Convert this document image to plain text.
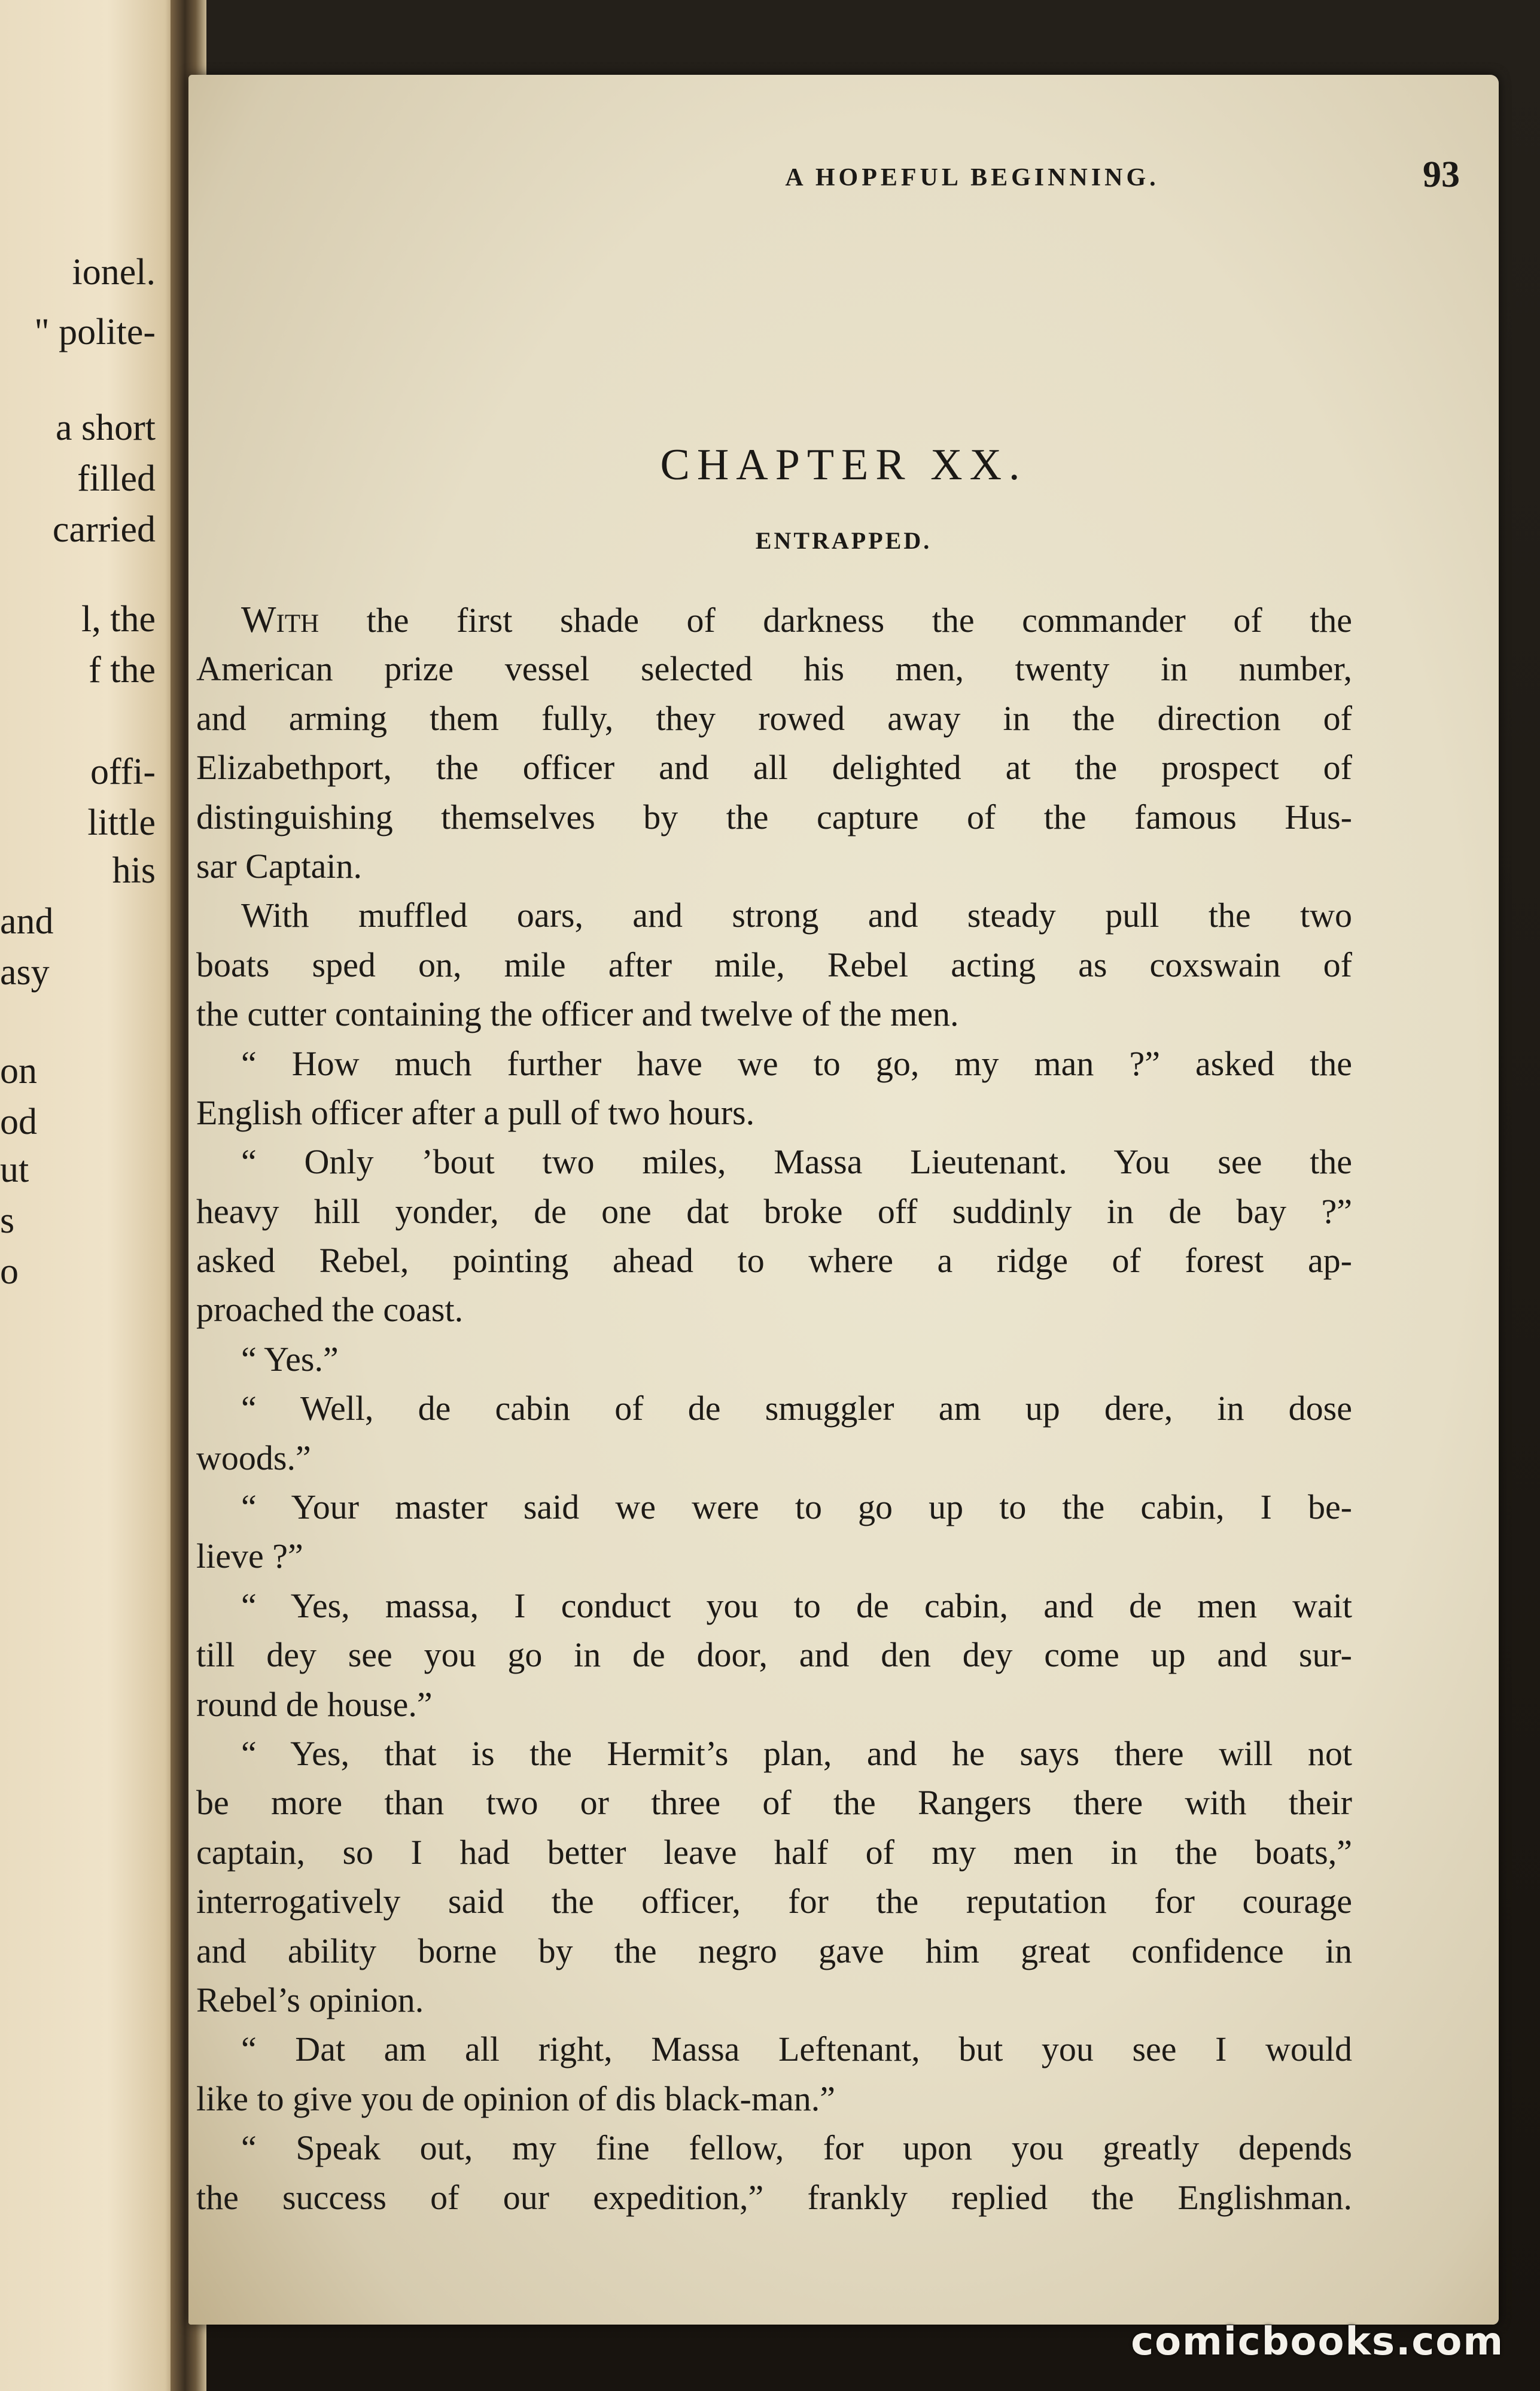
ionel.
" polite-
a short
filled
carried
l, the
f the
offi-
little
his
and
asy
on
od
ut
s
o
A HOPEFUL BEGINNING.	93
CHAPTER XX.
ENTRAPPED.
With the first shade of darkness the commander of the
American prize vessel selected his men, twenty in number,
and arming them fully, they rowed away in the direction of
Elizabethport, the officer and all delighted at the prospect of
distinguishing themselves by the capture of the famous Hus-
sar Captain.
With muffled oars, and strong and steady pull the two
boats sped on, mile after mile, Rebel acting as coxswain of
the cutter containing the officer and twelve of the men.
“ How much further have we to go, my man ?” asked the
English officer after a pull of two hours.
“ Only ’bout two miles, Massa Lieutenant. You see the
heavy hill yonder, de one dat broke off suddinly in de bay ?”
asked Rebel, pointing ahead to where a ridge of forest ap-
proached the coast.
“ Yes.”
“ Well, de cabin of de smuggler am up dere, in dose
woods.”
“ Your master said we were to go up to the cabin, I be-
lieve ?”
“ Yes, massa, I conduct you to de cabin, and de men wait
till dey see you go in de door, and den dey come up and sur-
round de house.”
“ Yes, that is the Hermit’s plan, and he says there will not
be more than two or three of the Rangers there with their
captain, so I had better leave half of my men in the boats,”
interrogatively said the officer, for the reputation for courage
and ability borne by the negro gave him great confidence in
Rebel’s opinion.
“ Dat am all right, Massa Leftenant, but you see I would
like to give you de opinion of dis black-man.”
“ Speak out, my fine fellow, for upon you greatly depends
the success of our expedition,” frankly replied the Englishman.
comicbooks.com
